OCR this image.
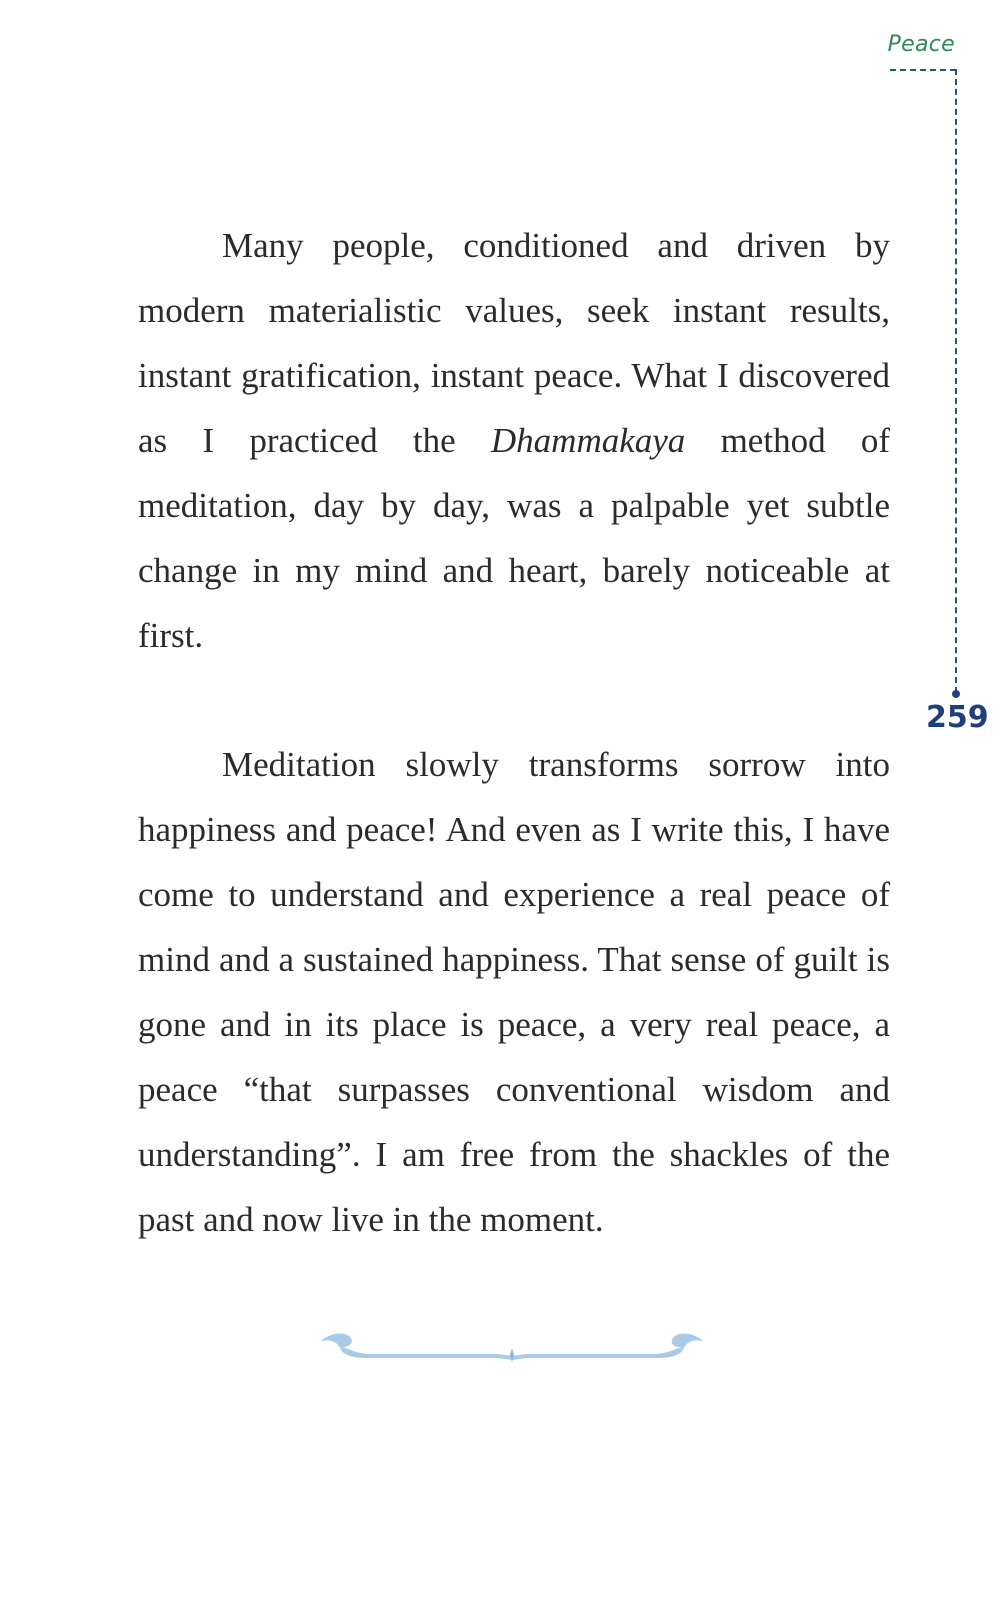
Peace
259

Many people, conditioned and driven by modern materialistic values, seek instant results, instant gratification, instant peace. What I discovered as I practiced the Dhammakaya method of meditation, day by day, was a palpable yet subtle change in my mind and heart, barely noticeable at first.

Meditation slowly transforms sorrow into happiness and peace! And even as I write this, I have come to understand and experience a real peace of mind and a sustained happiness. That sense of guilt is gone and in its place is peace, a very real peace, a peace “that surpasses conventional wisdom and understanding”. I am free from the shackles of the past and now live in the moment.
